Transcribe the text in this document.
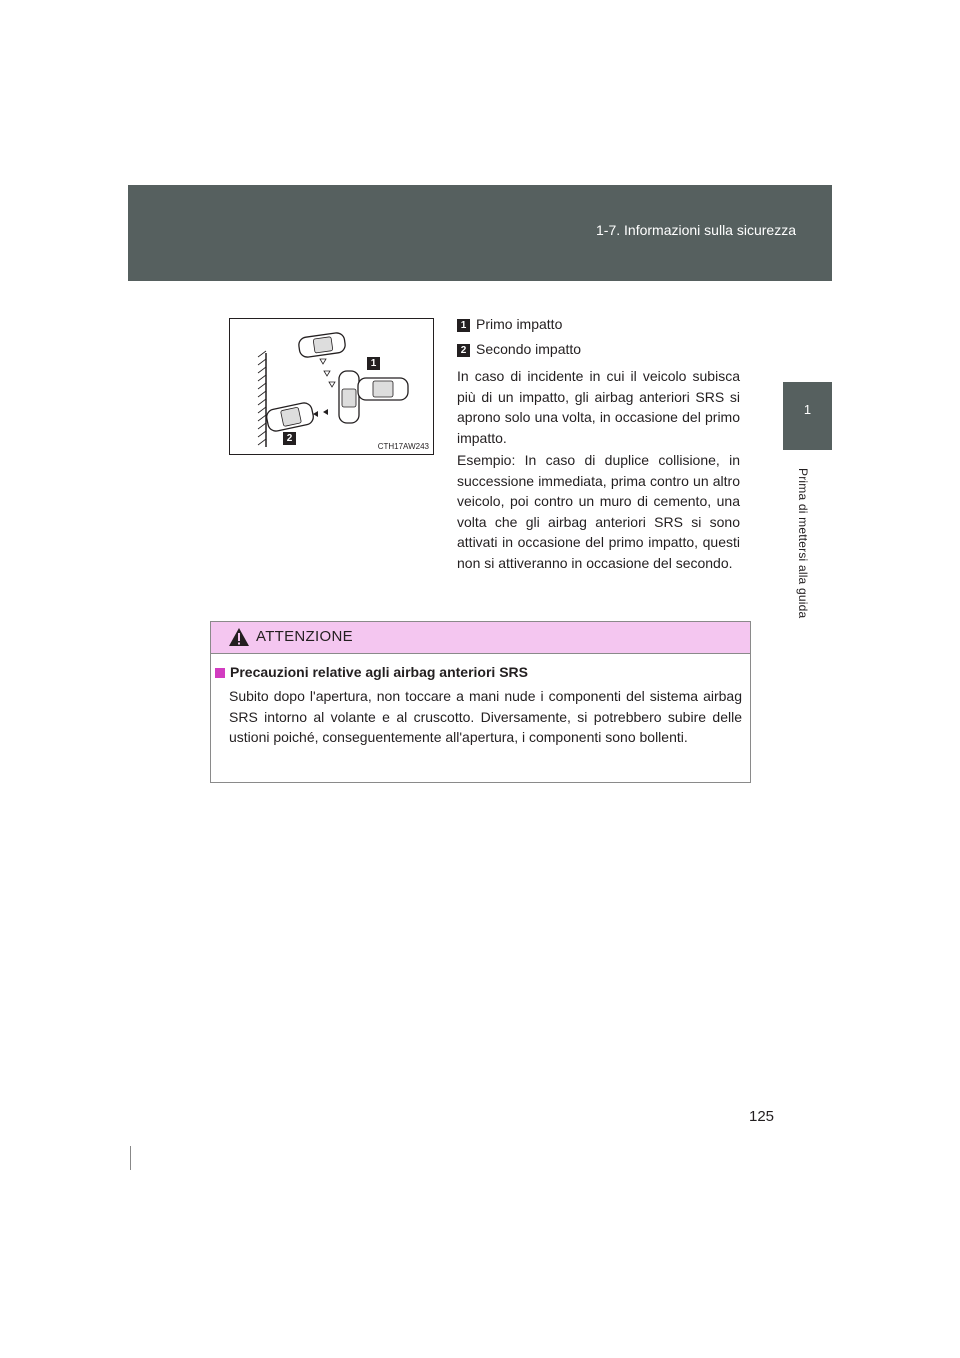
1-7. Informazioni sulla sicurezza
1
Prima di mettersi alla guida
1
2
CTH17AW243
1 Primo impatto
2 Secondo impatto

In caso di incidente in cui il veicolo subisca più di un impatto, gli airbag anteriori SRS si aprono solo una volta, in occasione del primo impatto.

Esempio: In caso di duplice collisione, in successione immediata, prima contro un altro veicolo, poi contro un muro di cemento, una volta che gli airbag anteriori SRS si sono attivati in occasione del primo impatto, questi non si attiveranno in occasione del secondo.

ATTENZIONE
Precauzioni relative agli airbag anteriori SRS

Subito dopo l'apertura, non toccare a mani nude i componenti del sistema airbag SRS intorno al volante e al cruscotto. Diversamente, si potrebbero subire delle ustioni poiché, conseguentemente all'apertura, i componenti sono bollenti.

125
